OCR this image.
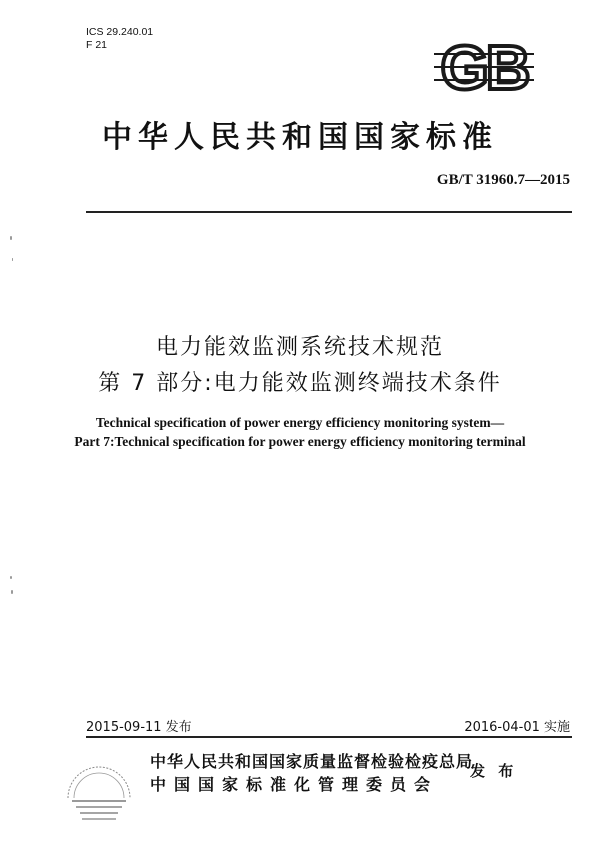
ICS 29.240.01
F 21	GB
中华人民共和国国家标准
GB/T 31960.7—2015
电力能效监测系统技术规范
第 7 部分:电力能效监测终端技术条件
Technical specification of power energy efficiency monitoring system—
Part 7:Technical specification for power energy efficiency monitoring terminal
2015-09-11 发布	2016-04-01 实施
中华人民共和国国家质量监督检验检疫总局
中国国家标准化管理委员会
发 布
